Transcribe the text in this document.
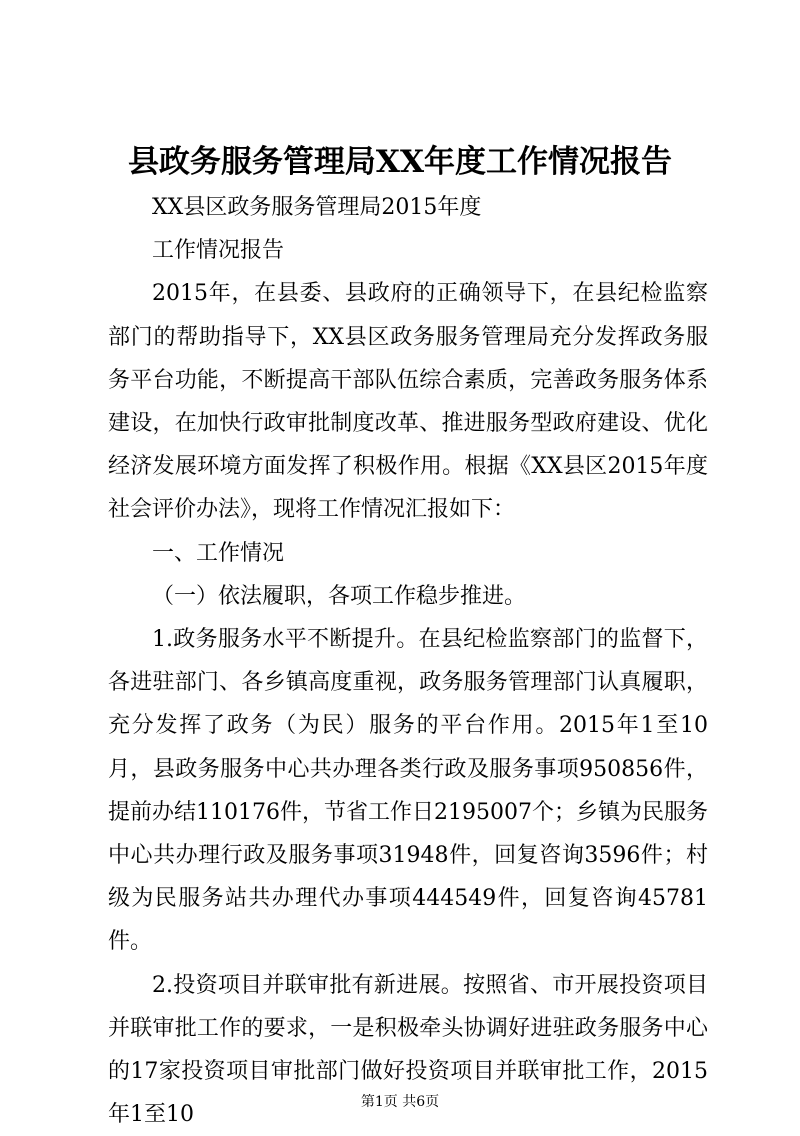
县政务服务管理局XX年度工作情况报告

XX县区政务服务管理局2015年度

工作情况报告

2015年，在县委、县政府的正确领导下，在县纪检监察部门的帮助指导下，XX县区政务服务管理局充分发挥政务服务平台功能，不断提高干部队伍综合素质，完善政务服务体系建设，在加快行政审批制度改革、推进服务型政府建设、优化经济发展环境方面发挥了积极作用。根据《XX县区2015年度社会评价办法》，现将工作情况汇报如下：

一、工作情况

（一）依法履职，各项工作稳步推进。

1.政务服务水平不断提升。在县纪检监察部门的监督下，各进驻部门、各乡镇高度重视，政务服务管理部门认真履职，充分发挥了政务（为民）服务的平台作用。2015年1至10月，县政务服务中心共办理各类行政及服务事项950856件，提前办结110176件，节省工作日2195007个；乡镇为民服务中心共办理行政及服务事项31948件，回复咨询3596件；村级为民服务站共办理代办事项444549件，回复咨询45781件。

2.投资项目并联审批有新进展。按照省、市开展投资项目并联审批工作的要求，一是积极牵头协调好进驻政务服务中心的17家投资项目审批部门做好投资项目并联审批工作，2015年1至10

第1页 共6页
